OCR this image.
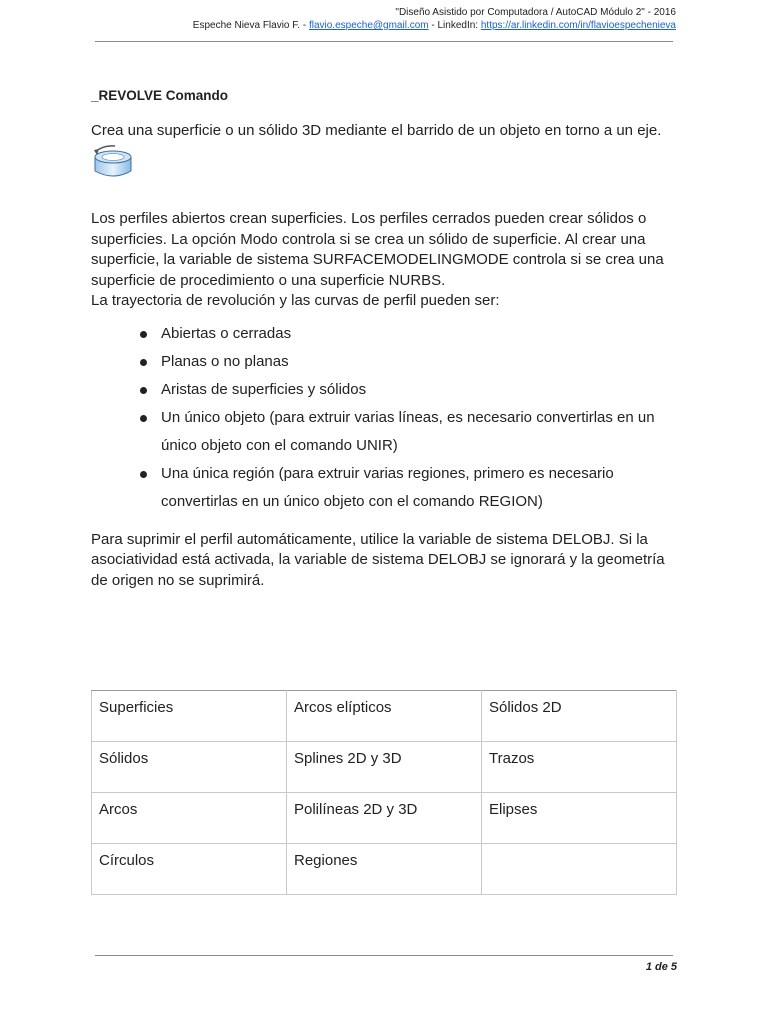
"Diseño Asistido por Computadora / AutoCAD Módulo 2" - 2016
Espeche Nieva Flavio F. - flavio.espeche@gmail.com - LinkedIn: https://ar.linkedin.com/in/flavioespechenieva
_REVOLVE Comando

Crea una superficie o un sólido 3D mediante el barrido de un objeto en torno a un eje.

Los perfiles abiertos crean superficies. Los perfiles cerrados pueden crear sólidos o superficies. La opción Modo controla si se crea un sólido de superficie. Al crear una superficie, la variable de sistema SURFACEMODELINGMODE controla si se crea una superficie de procedimiento o una superficie NURBS.

La trayectoria de revolución y las curvas de perfil pueden ser:

Abiertas o cerradas
Planas o no planas
Aristas de superficies y sólidos
Un único objeto (para extruir varias líneas, es necesario convertirlas en un único objeto con el comando UNIR)
Una única región (para extruir varias regiones, primero es necesario convertirlas en un único objeto con el comando REGION)

Para suprimir el perfil automáticamente, utilice la variable de sistema DELOBJ. Si la asociatividad está activada, la variable de sistema DELOBJ se ignorará y la geometría de origen no se suprimirá.

Superficies	Arcos elípticos	Sólidos 2D
Sólidos	Splines 2D y 3D	Trazos
Arcos	Polilíneas 2D y 3D	Elipses
Círculos	Regiones	
1 de 5
